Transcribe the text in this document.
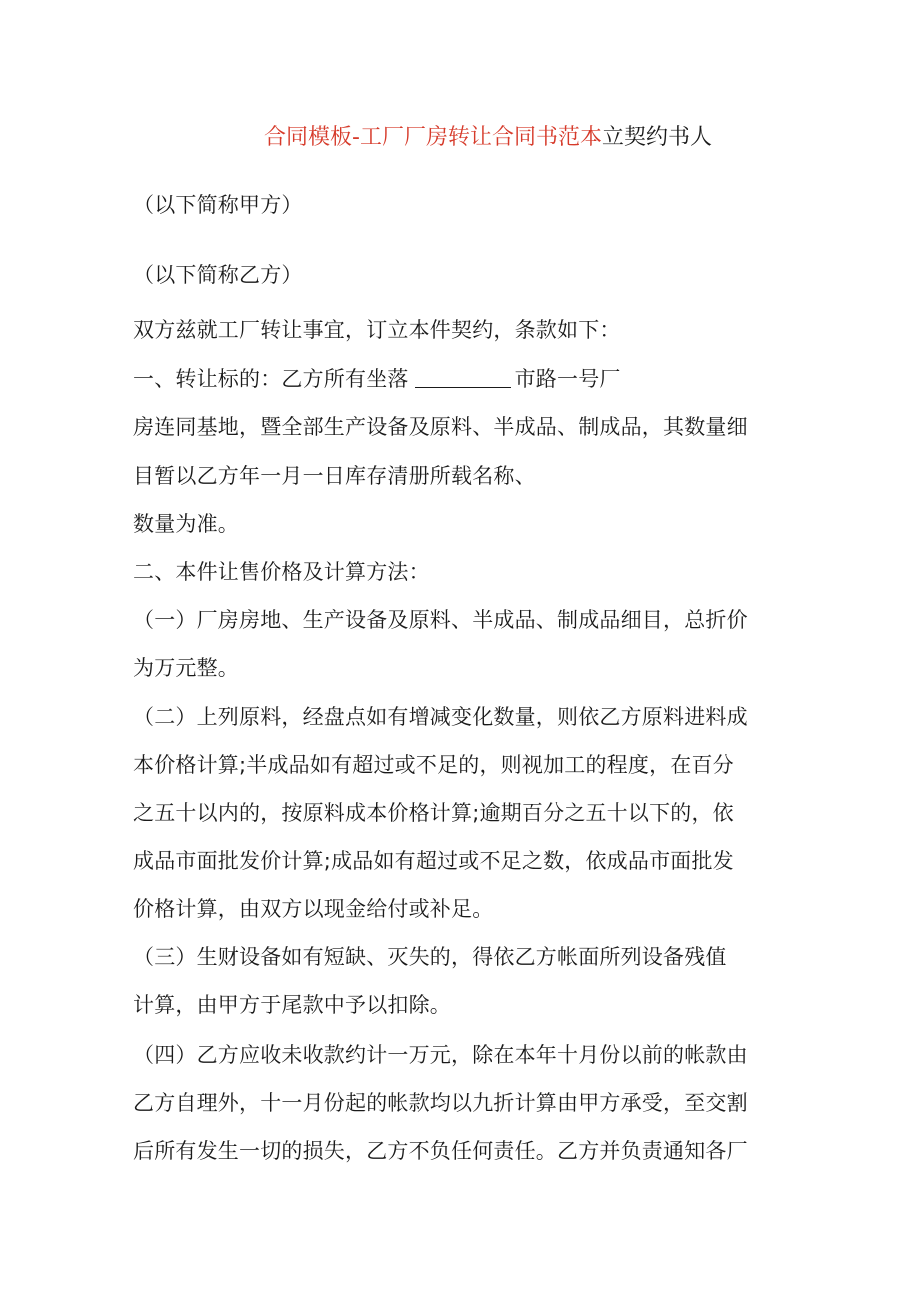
合同模板-工厂厂房转让合同书范本立契约书人
（以下简称甲方）
（以下简称乙方）
双方兹就工厂转让事宜，订立本件契约，条款如下：
一、转让标的：乙方所有坐落	市路一号厂
房连同基地，暨全部生产设备及原料、半成品、制成品，其数量细
目暂以乙方年一月一日库存清册所载名称、
数量为准。
二、本件让售价格及计算方法：
（一）厂房房地、生产设备及原料、半成品、制成品细目，总折价
为万元整。
（二）上列原料，经盘点如有增减变化数量，则依乙方原料进料成
本价格计算;半成品如有超过或不足的，则视加工的程度，在百分
之五十以内的，按原料成本价格计算;逾期百分之五十以下的，依
成品市面批发价计算;成品如有超过或不足之数，依成品市面批发
价格计算，由双方以现金给付或补足。
（三）生财设备如有短缺、灭失的，得依乙方帐面所列设备残值
计算，由甲方于尾款中予以扣除。
（四）乙方应收未收款约计一万元，除在本年十月份以前的帐款由
乙方自理外，十一月份起的帐款均以九折计算由甲方承受，至交割
后所有发生一切的损失，乙方不负任何责任。乙方并负责通知各厂
